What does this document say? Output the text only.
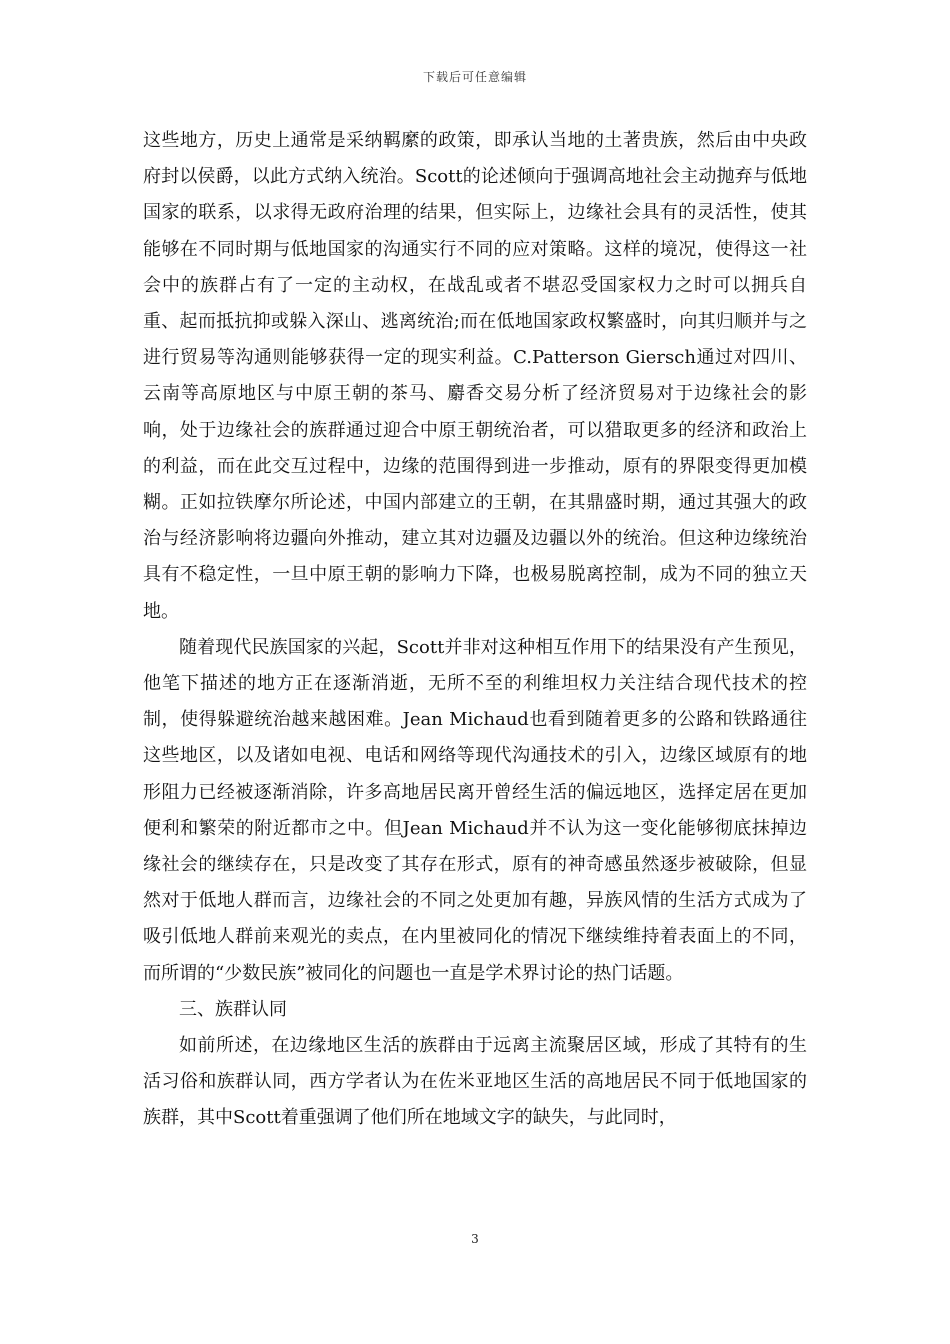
下载后可任意编辑

这些地方，历史上通常是采纳羁縻的政策，即承认当地的土著贵族，然后由中央政府封以侯爵，以此方式纳入统治。Scott的论述倾向于强调高地社会主动抛弃与低地国家的联系，以求得无政府治理的结果，但实际上，边缘社会具有的灵活性，使其能够在不同时期与低地国家的沟通实行不同的应对策略。这样的境况，使得这一社会中的族群占有了一定的主动权，在战乱或者不堪忍受国家权力之时可以拥兵自重、起而抵抗抑或躲入深山、逃离统治;而在低地国家政权繁盛时，向其归顺并与之进行贸易等沟通则能够获得一定的现实利益。C.Patterson Giersch通过对四川、云南等高原地区与中原王朝的茶马、麝香交易分析了经济贸易对于边缘社会的影响，处于边缘社会的族群通过迎合中原王朝统治者，可以猎取更多的经济和政治上的利益，而在此交互过程中，边缘的范围得到进一步推动，原有的界限变得更加模糊。正如拉铁摩尔所论述，中国内部建立的王朝，在其鼎盛时期，通过其强大的政治与经济影响将边疆向外推动，建立其对边疆及边疆以外的统治。但这种边缘统治具有不稳定性，一旦中原王朝的影响力下降，也极易脱离控制，成为不同的独立天地。

随着现代民族国家的兴起，Scott并非对这种相互作用下的结果没有产生预见，他笔下描述的地方正在逐渐消逝，无所不至的利维坦权力关注结合现代技术的控制，使得躲避统治越来越困难。Jean Michaud也看到随着更多的公路和铁路通往这些地区，以及诸如电视、电话和网络等现代沟通技术的引入，边缘区域原有的地形阻力已经被逐渐消除，许多高地居民离开曾经生活的偏远地区，选择定居在更加便利和繁荣的附近都市之中。但Jean Michaud并不认为这一变化能够彻底抹掉边缘社会的继续存在，只是改变了其存在形式，原有的神奇感虽然逐步被破除，但显然对于低地人群而言，边缘社会的不同之处更加有趣，异族风情的生活方式成为了吸引低地人群前来观光的卖点，在内里被同化的情况下继续维持着表面上的不同，而所谓的“少数民族”被同化的问题也一直是学术界讨论的热门话题。

三、族群认同

如前所述，在边缘地区生活的族群由于远离主流聚居区域，形成了其特有的生活习俗和族群认同，西方学者认为在佐米亚地区生活的高地居民不同于低地国家的族群，其中Scott着重强调了他们所在地域文字的缺失，与此同时，

3
